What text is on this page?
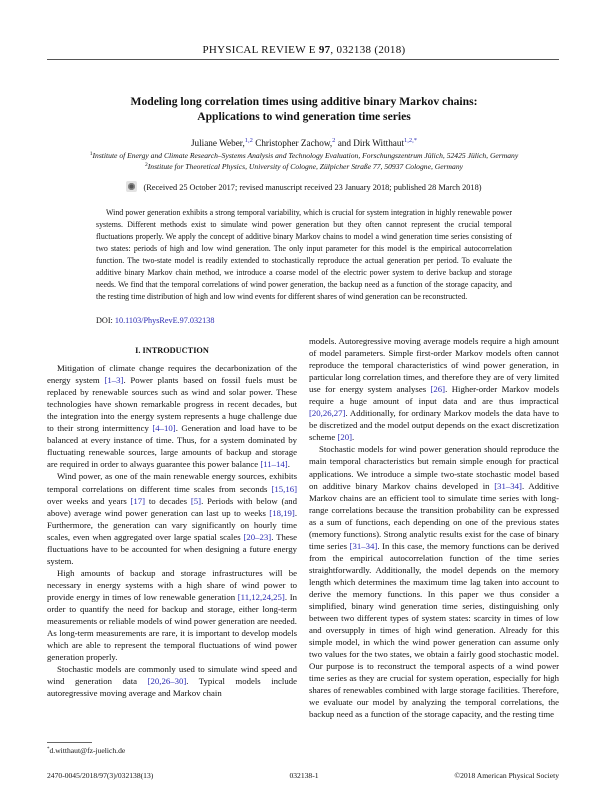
PHYSICAL REVIEW E 97, 032138 (2018)
Modeling long correlation times using additive binary Markov chains:
Applications to wind generation time series
Juliane Weber,$^{1,2}$ Christopher Zachow,$^2$ and Dirk Witthaut$^{1,2,*}$
$^1$Institute of Energy and Climate Research–Systems Analysis and Technology Evaluation, Forschungszentrum Jülich, 52425 Jülich, Germany
$^2$Institute for Theoretical Physics, University of Cologne, Zülpicher Straße 77, 50937 Cologne, Germany
(Received 25 October 2017; revised manuscript received 23 January 2018; published 28 March 2018)
Wind power generation exhibits a strong temporal variability, which is crucial for system integration in highly renewable power systems. Different methods exist to simulate wind power generation but they often cannot represent the crucial temporal fluctuations properly. We apply the concept of additive binary Markov chains to model a wind generation time series consisting of two states: periods of high and low wind generation. The only input parameter for this model is the empirical autocorrelation function. The two-state model is readily extended to stochastically reproduce the actual generation per period. To evaluate the additive binary Markov chain method, we introduce a coarse model of the electric power system to derive backup and storage needs. We find that the temporal correlations of wind power generation, the backup need as a function of the storage capacity, and the resting time distribution of high and low wind events for different shares of wind generation can be reconstructed.
DOI: 10.1103/PhysRevE.97.032138
I. INTRODUCTION

Mitigation of climate change requires the decarbonization of the energy system [1–3]. Power plants based on fossil fuels must be replaced by renewable sources such as wind and solar power. These technologies have shown remarkable progress in recent decades, but the integration into the energy system represents a huge challenge due to their strong intermittency [4–10]. Generation and load have to be balanced at every instance of time. Thus, for a system dominated by fluctuating renewable sources, large amounts of backup and storage are required in order to always guarantee this power balance [11–14].

Wind power, as one of the main renewable energy sources, exhibits temporal correlations on different time scales from seconds [15,16] over weeks and years [17] to decades [5]. Periods with below (and above) average wind power generation can last up to weeks [18,19]. Furthermore, the generation can vary significantly on hourly time scales, even when aggregated over large spatial scales [20–23]. These fluctuations have to be accounted for when designing a future energy system.

High amounts of backup and storage infrastructures will be necessary in energy systems with a high share of wind power to provide energy in times of low renewable generation [11,12,24,25]. In order to quantify the need for backup and storage, either long-term measurements or reliable models of wind power generation are needed. As long-term measurements are rare, it is important to develop models which are able to represent the temporal fluctuations of wind power generation properly.

Stochastic models are commonly used to simulate wind speed and wind generation data [20,26–30]. Typical models include autoregressive moving average and Markov chain

models. Autoregressive moving average models require a high amount of model parameters. Simple first-order Markov models often cannot reproduce the temporal characteristics of wind power generation, in particular long correlation times, and therefore they are of very limited use for energy system analyses [26]. Higher-order Markov models require a huge amount of input data and are thus impractical [20,26,27]. Additionally, for ordinary Markov models the data have to be discretized and the model output depends on the exact discretization scheme [20].

Stochastic models for wind power generation should reproduce the main temporal characteristics but remain simple enough for practical applications. We introduce a simple two-state stochastic model based on additive binary Markov chains developed in [31–34]. Additive Markov chains are an efficient tool to simulate time series with long-range correlations because the transition probability can be expressed as a sum of functions, each depending on one of the previous states (memory functions). Strong analytic results exist for the case of binary time series [31–34]. In this case, the memory functions can be derived from the empirical autocorrelation function of the time series straightforwardly. Additionally, the model depends on the memory length which determines the maximum time lag taken into account to derive the memory functions. In this paper we thus consider a simplified, binary wind generation time series, distinguishing only between two different types of system states: scarcity in times of low and oversupply in times of high wind generation. Already for this simple model, in which the wind power generation can assume only two values for the two states, we obtain a fairly good stochastic model. Our purpose is to reconstruct the temporal aspects of a wind power time series as they are crucial for system operation, especially for high shares of renewables combined with large storage facilities. Therefore, we evaluate our model by analyzing the temporal correlations, the backup need as a function of the storage capacity, and the resting time

*d.witthaut@fz-juelich.de
2470-0045/2018/97(3)/032138(13)	032138-1	©2018 American Physical Society
